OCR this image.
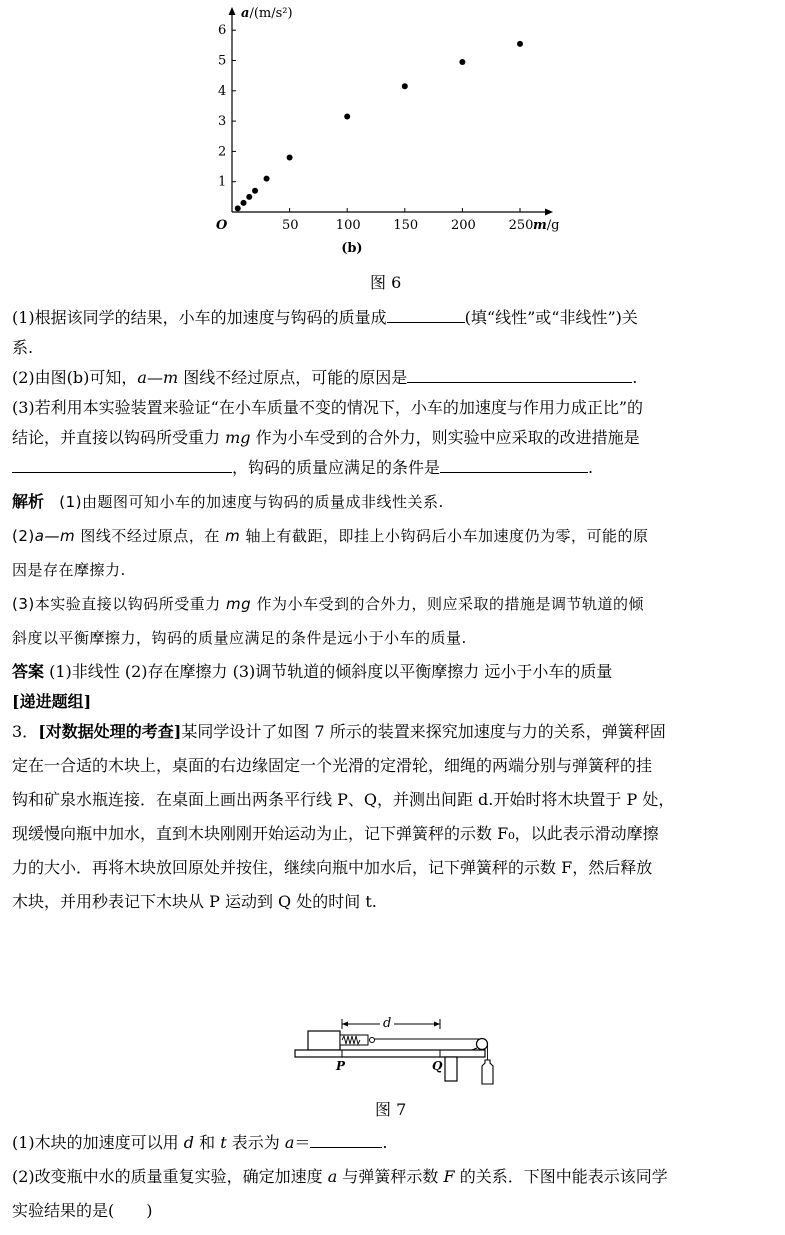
50	100	150	200	250
1
2
3
4
5
6
O
a/(m/s²)
m/g
(b)
图 6

(1)根据该同学的结果，小车的加速度与钩码的质量成	(填“线性”或“非线性”)关

系.

(2)由图(b)可知，a—m 图线不经过原点，可能的原因是	.

(3)若利用本实验装置来验证“在小车质量不变的情况下，小车的加速度与作用力成正比”的

结论，并直接以钩码所受重力 mg 作为小车受到的合外力，则实验中应采取的改进措施是

，钩码的质量应满足的条件是	.

解析 (1)由题图可知小车的加速度与钩码的质量成非线性关系.

(2)a—m 图线不经过原点，在 m 轴上有截距，即挂上小钩码后小车加速度仍为零，可能的原

因是存在摩擦力.

(3)本实验直接以钩码所受重力 mg 作为小车受到的合外力，则应采取的措施是调节轨道的倾

斜度以平衡摩擦力，钩码的质量应满足的条件是远小于小车的质量.

答案 (1)非线性 (2)存在摩擦力 (3)调节轨道的倾斜度以平衡摩擦力 远小于小车的质量

[递进题组]

3．[对数据处理的考查]某同学设计了如图 7 所示的装置来探究加速度与力的关系，弹簧秤固

定在一合适的木块上，桌面的右边缘固定一个光滑的定滑轮，细绳的两端分别与弹簧秤的挂

钩和矿泉水瓶连接．在桌面上画出两条平行线 P、Q，并测出间距 d.开始时将木块置于 P 处，

现缓慢向瓶中加水，直到木块刚刚开始运动为止，记下弹簧秤的示数 F₀，以此表示滑动摩擦

力的大小．再将木块放回原处并按住，继续向瓶中加水后，记下弹簧秤的示数 F，然后释放

木块，并用秒表记下木块从 P 运动到 Q 处的时间 t.

d
P	Q
图 7

(1)木块的加速度可以用 d 和 t 表示为 a＝	.

(2)改变瓶中水的质量重复实验，确定加速度 a 与弹簧秤示数 F 的关系．下图中能表示该同学

实验结果的是(　　)
